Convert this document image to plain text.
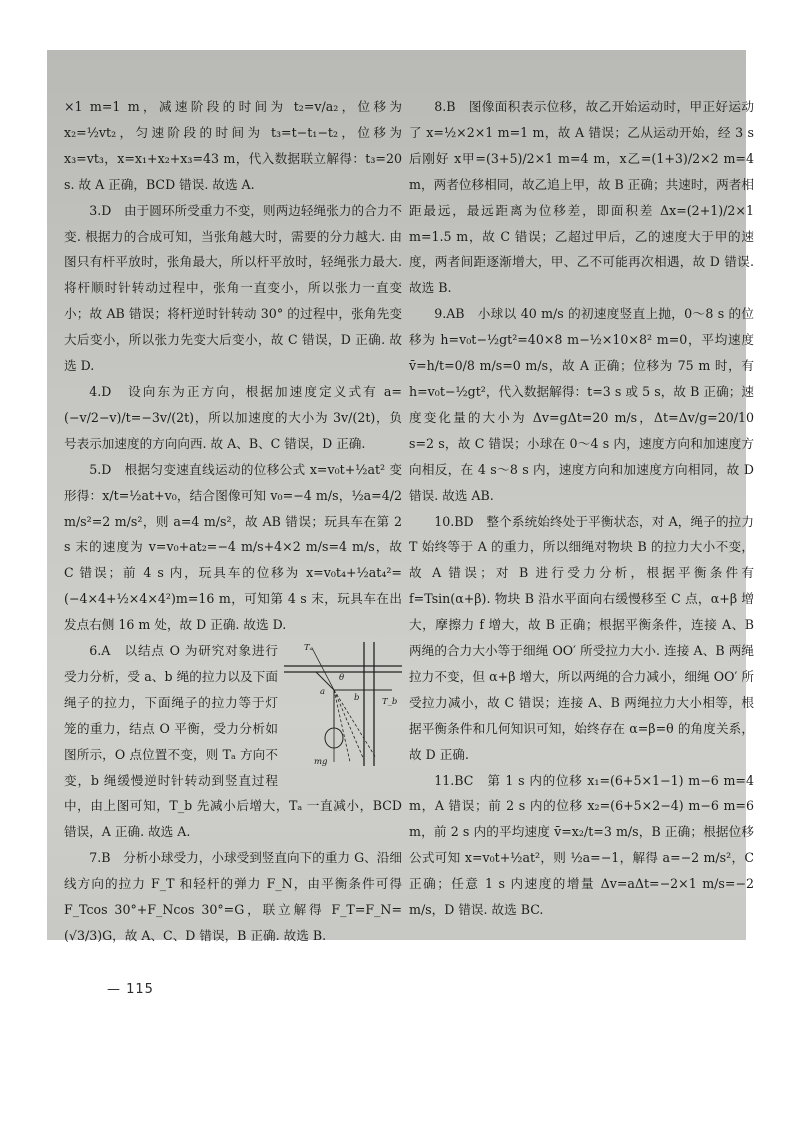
×1 m=1 m，减速阶段的时间为 t₂=v/a₂，位移为 x₂=½vt₂，匀速阶段的时间为 t₃=t−t₁−t₂，位移为 x₃=vt₃，x=x₁+x₂+x₃=43 m，代入数据联立解得：t₃=20 s. 故 A 正确，BCD 错误. 故选 A.

3.D　由于圆环所受重力不变，则两边轻绳张力的合力不变. 根据力的合成可知，当张角越大时，需要的分力越大. 由图只有杆平放时，张角最大，所以杆平放时，轻绳张力最大. 将杆顺时针转动过程中，张角一直变小，所以张力一直变小；故 AB 错误；将杆逆时针转动 30° 的过程中，张角先变大后变小，所以张力先变大后变小，故 C 错误，D 正确. 故选 D.

4.D　设向东为正方向，根据加速度定义式有 a=(−v/2−v)/t=−3v/(2t)，所以加速度的大小为 3v/(2t)，负号表示加速度的方向向西. 故 A、B、C 错误，D 正确.

5.D　根据匀变速直线运动的位移公式 x=v₀t+½at² 变形得：x/t=½at+v₀，结合图像可知 v₀=−4 m/s，½a=4/2 m/s²=2 m/s²，则 a=4 m/s²，故 AB 错误；玩具车在第 2 s 末的速度为 v=v₀+at₂=−4 m/s+4×2 m/s=4 m/s，故 C 错误；前 4 s 内，玩具车的位移为 x=v₀t₄+½at₄²=(−4×4+½×4×4²)m=16 m，可知第 4 s 末，玩具车在出发点右侧 16 m 处，故 D 正确. 故选 D.

Tₐ
θ
a
b	T_b
mg
6.A　以结点 O 为研究对象进行受力分析，受 a、b 绳的拉力以及下面绳子的拉力，下面绳子的拉力等于灯笼的重力，结点 O 平衡，受力分析如图所示，O 点位置不变，则 Tₐ 方向不变，b 绳缓慢逆时针转动到竖直过程中，由上图可知，T_b 先减小后增大，Tₐ 一直减小，BCD 错误，A 正确. 故选 A.

7.B　分析小球受力，小球受到竖直向下的重力 G、沿细线方向的拉力 F_T 和轻杆的弹力 F_N，由平衡条件可得 F_Tcos 30°+F_Ncos 30°=G，联立解得 F_T=F_N=(√3/3)G，故 A、C、D 错误，B 正确. 故选 B.

8.B　图像面积表示位移，故乙开始运动时，甲正好运动了 x=½×2×1 m=1 m，故 A 错误；乙从运动开始，经 3 s 后刚好 x甲=(3+5)/2×1 m=4 m，x乙=(1+3)/2×2 m=4 m，两者位移相同，故乙追上甲，故 B 正确；共速时，两者相距最远，最远距离为位移差，即面积差 Δx=(2+1)/2×1 m=1.5 m，故 C 错误；乙超过甲后，乙的速度大于甲的速度，两者间距逐渐增大，甲、乙不可能再次相遇，故 D 错误. 故选 B.

9.AB　小球以 40 m/s 的初速度竖直上抛，0～8 s 的位移为 h=v₀t−½gt²=40×8 m−½×10×8² m=0，平均速度 v̄=h/t=0/8 m/s=0 m/s，故 A 正确；位移为 75 m 时，有 h=v₀t−½gt²，代入数据解得：t=3 s 或 5 s，故 B 正确；速度变化量的大小为 Δv=gΔt=20 m/s，Δt=Δv/g=20/10 s=2 s，故 C 错误；小球在 0～4 s 内，速度方向和加速度方向相反，在 4 s～8 s 内，速度方向和加速度方向相同，故 D 错误. 故选 AB.

10.BD　整个系统始终处于平衡状态，对 A，绳子的拉力 T 始终等于 A 的重力，所以细绳对物块 B 的拉力大小不变，故 A 错误；对 B 进行受力分析，根据平衡条件有 f=Tsin(α+β). 物块 B 沿水平面向右缓慢移至 C 点，α+β 增大，摩擦力 f 增大，故 B 正确；根据平衡条件，连接 A、B 两绳的合力大小等于细绳 OO′ 所受拉力大小. 连接 A、B 两绳拉力不变，但 α+β 增大，所以两绳的合力减小，细绳 OO′ 所受拉力减小，故 C 错误；连接 A、B 两绳拉力大小相等，根据平衡条件和几何知识可知，始终存在 α=β=θ 的角度关系，故 D 正确.

11.BC　第 1 s 内的位移 x₁=(6+5×1−1) m−6 m=4 m，A 错误；前 2 s 内的位移 x₂=(6+5×2−4) m−6 m=6 m，前 2 s 内的平均速度 v̄=x₂/t=3 m/s，B 正确；根据位移公式可知 x=v₀t+½at²，则 ½a=−1，解得 a=−2 m/s²，C 正确；任意 1 s 内速度的增量 Δv=aΔt=−2×1 m/s=−2 m/s，D 错误. 故选 BC.

— 115
